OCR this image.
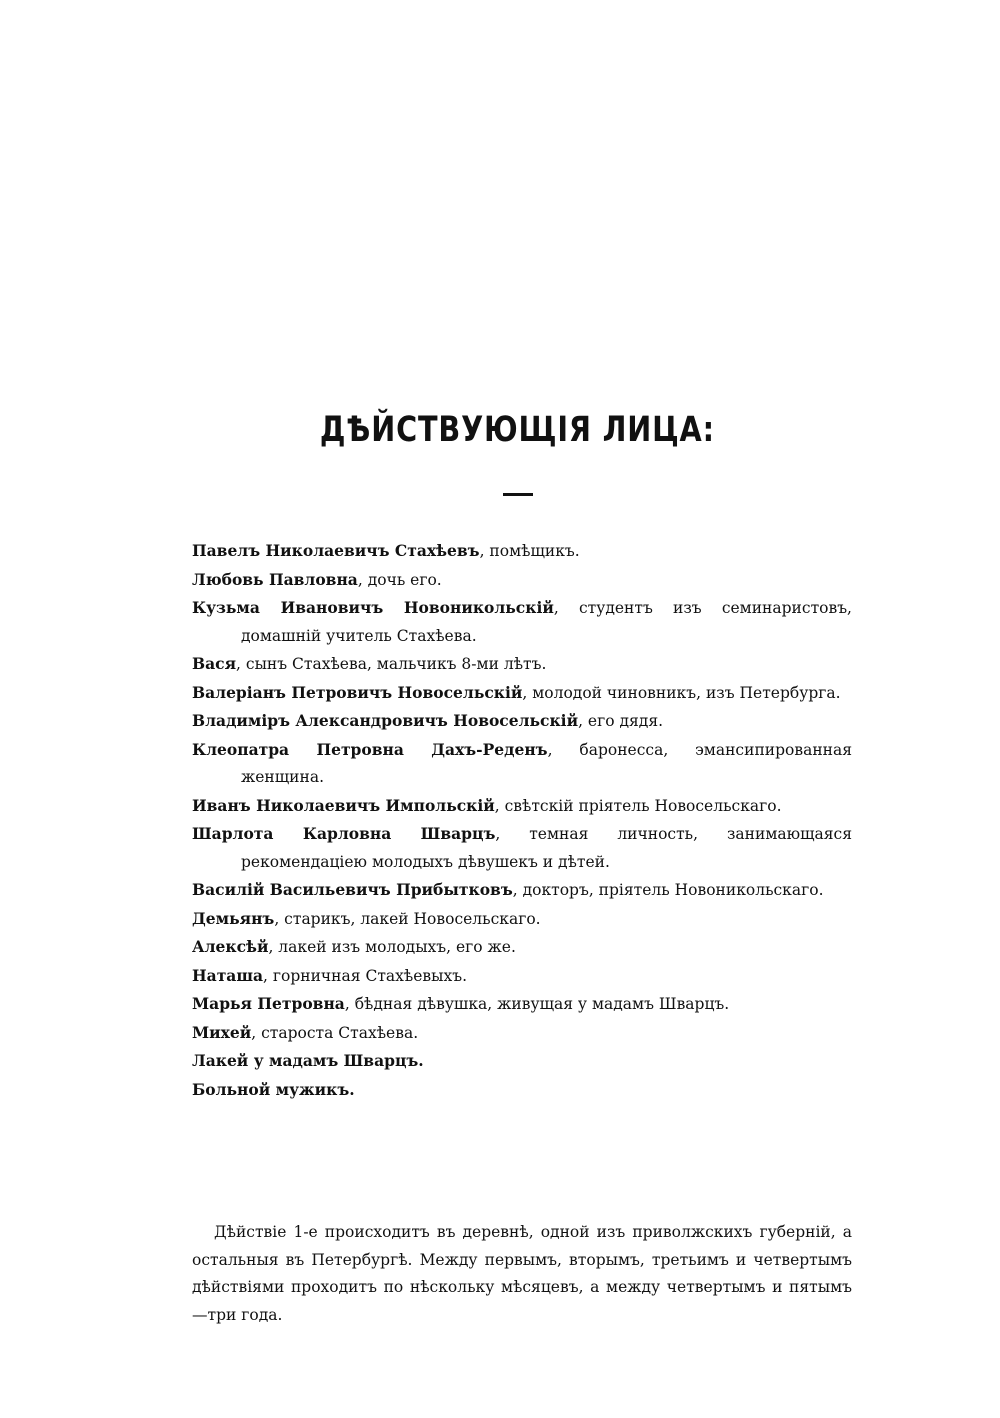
ДѢЙСТВУЮЩІЯ ЛИЦА:
Павелъ Николаевичъ Стахѣевъ, помѣщикъ.
Любовь Павловна, дочь его.
Кузьма Ивановичъ Новоникольскій, студентъ изъ семинаристовъ, домашній учитель Стахѣева.
Вася, сынъ Стахѣева, мальчикъ 8-ми лѣтъ.
Валеріанъ Петровичъ Новосельскій, молодой чиновникъ, изъ Петербурга.
Владиміръ Александровичъ Новосельскій, его дядя.
Клеопатра Петровна Дахъ-Реденъ, баронесса, эмансипированная женщина.
Иванъ Николаевичъ Импольскій, свѣтскій пріятель Новосельскаго.
Шарлота Карловна Шварцъ, темная личность, занимающаяся рекомендаціею молодыхъ дѣвушекъ и дѣтей.
Василій Васильевичъ Прибытковъ, докторъ, пріятель Новоникольскаго.
Демьянъ, старикъ, лакей Новосельскаго.
Алексѣй, лакей изъ молодыхъ, его же.
Наташа, горничная Стахѣевыхъ.
Марья Петровна, бѣдная дѣвушка, живущая у мадамъ Шварцъ.
Михей, староста Стахѣева.
Лакей у мадамъ Шварцъ.
Больной мужикъ.
Дѣйствіе 1-е происходитъ въ деревнѣ, одной изъ приволжскихъ губерній, а остальныя въ Петербургѣ. Между первымъ, вторымъ, третьимъ и четвертымъ дѣйствіями проходитъ по нѣскольку мѣсяцевъ, а между четвертымъ и пятымъ—три года.
